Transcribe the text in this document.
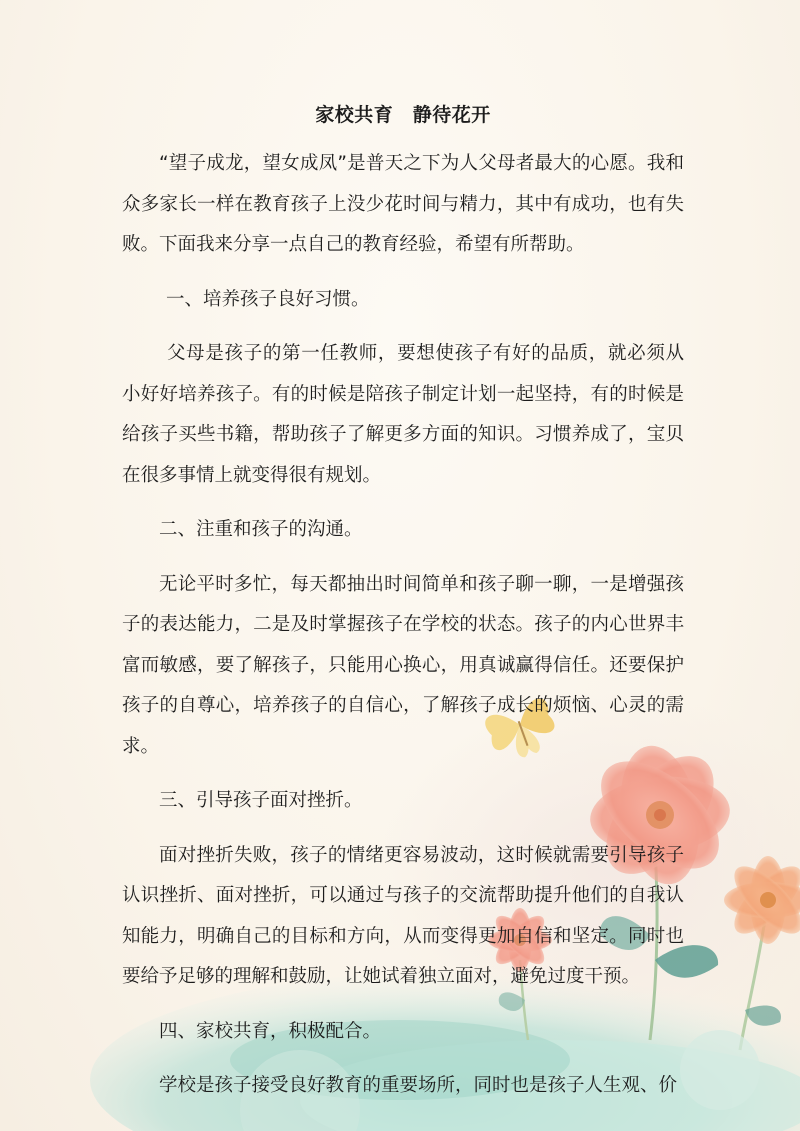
家校共育　静待花开

“望子成龙，望女成凤”是普天之下为人父母者最大的心愿。我和众多家长一样在教育孩子上没少花时间与精力，其中有成功，也有失败。下面我来分享一点自己的教育经验，希望有所帮助。

一、培养孩子良好习惯。

父母是孩子的第一任教师，要想使孩子有好的品质，就必须从小好好培养孩子。有的时候是陪孩子制定计划一起坚持，有的时候是给孩子买些书籍，帮助孩子了解更多方面的知识。习惯养成了，宝贝在很多事情上就变得很有规划。

二、注重和孩子的沟通。

无论平时多忙，每天都抽出时间简单和孩子聊一聊，一是增强孩子的表达能力，二是及时掌握孩子在学校的状态。孩子的内心世界丰富而敏感，要了解孩子，只能用心换心，用真诚赢得信任。还要保护孩子的自尊心，培养孩子的自信心，了解孩子成长的烦恼、心灵的需求。

三、引导孩子面对挫折。

面对挫折失败，孩子的情绪更容易波动，这时候就需要引导孩子认识挫折、面对挫折，可以通过与孩子的交流帮助提升他们的自我认知能力，明确自己的目标和方向，从而变得更加自信和坚定。同时也要给予足够的理解和鼓励，让她试着独立面对，避免过度干预。

四、家校共育，积极配合。

学校是孩子接受良好教育的重要场所，同时也是孩子人生观、价
